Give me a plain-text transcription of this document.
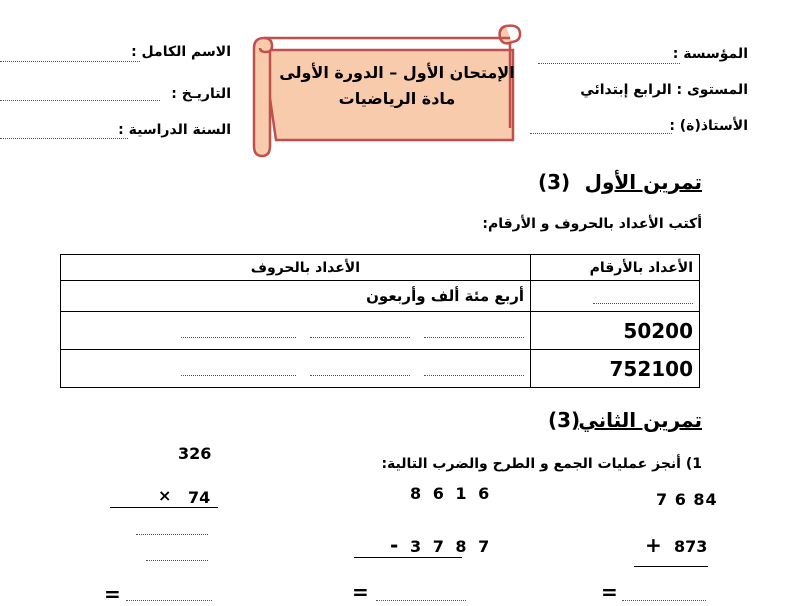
المؤسسة :
المستوى : الرابع إبتدائي
الأستاذ(ة) :
الاسم الكامل :
التاريـخ :
السنة الدراسية :
الإمتحان الأول – الدورة الأولى
مادة الرياضيات
تمرين الأول
(3)
أكتب الأعداد بالحروف و الأرقام:
الأعداد بالأرقام	الأعداد بالحروف

	أربع مئة ألف وأربعون
50200	

752100	
تمرين الثاني
(3)
1) أنجز عمليات الجمع و الطرح والضرب التالية:
7 6 84
+ 873
=
8 6 1 6
- 3 7 8 7
=
326
× 74
=
